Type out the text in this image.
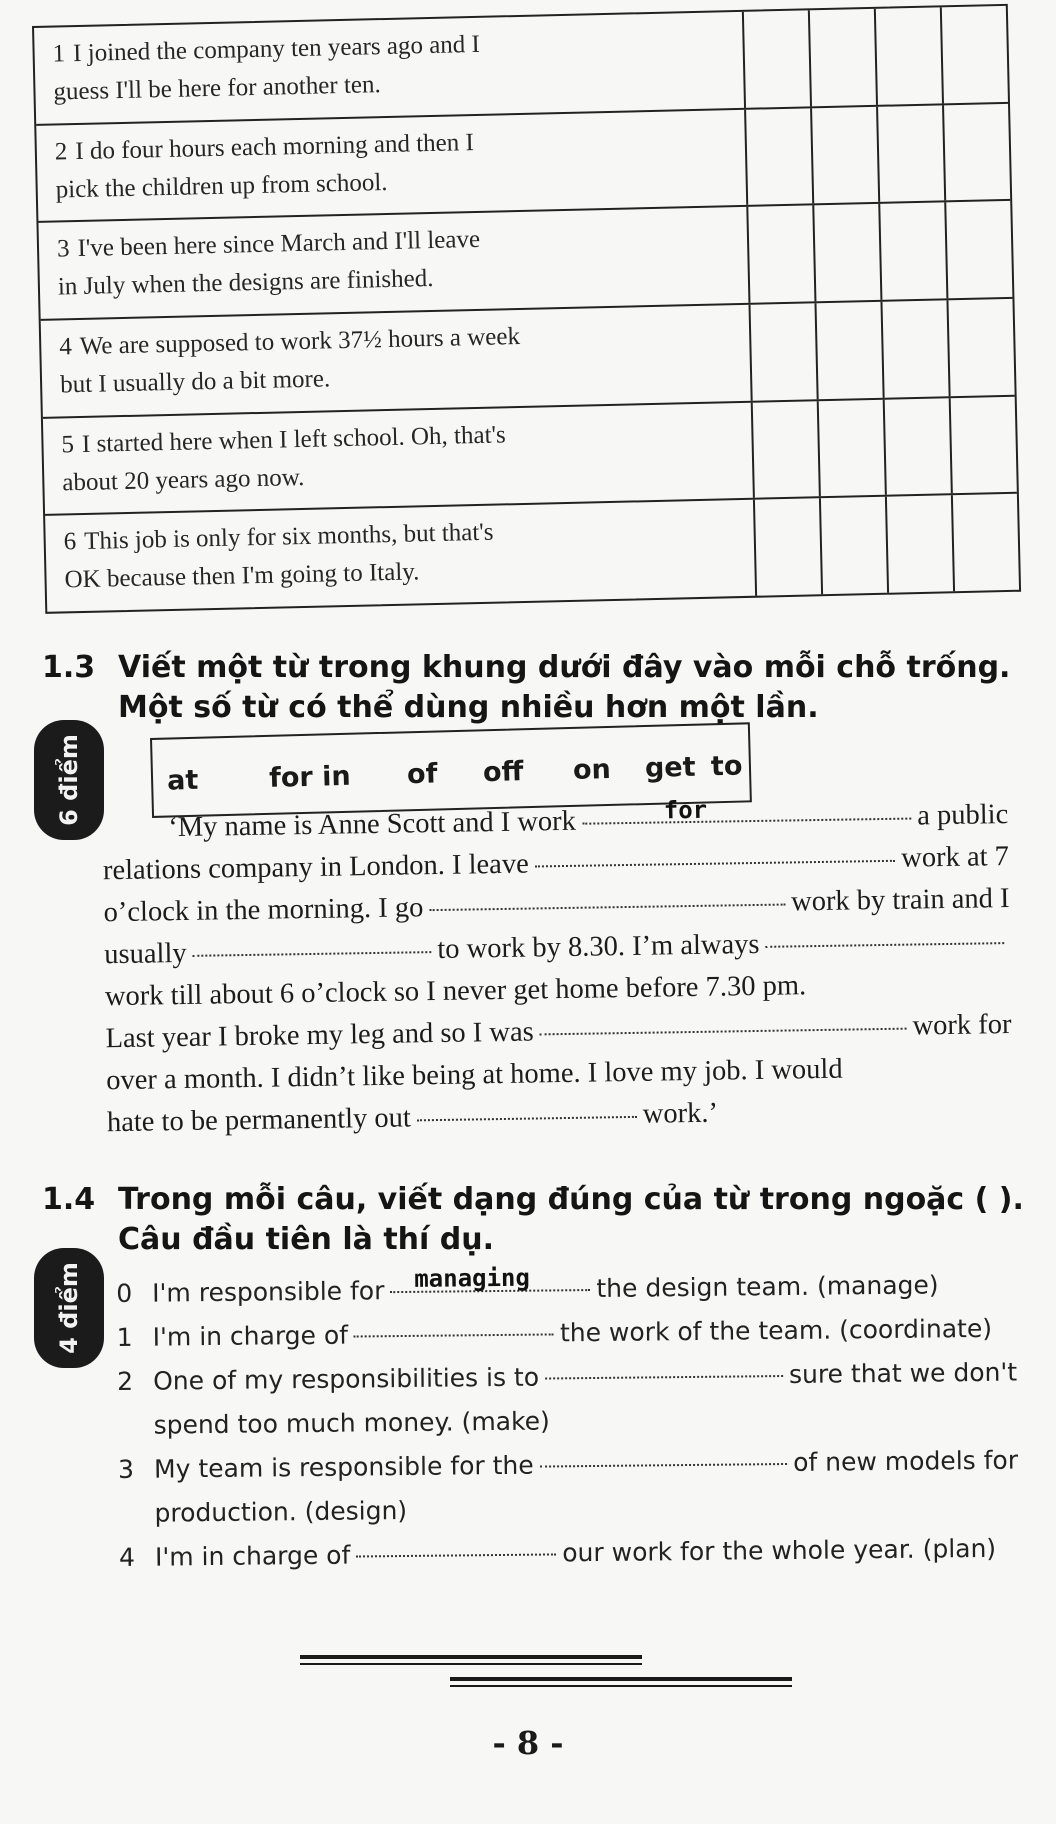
1 I joined the company ten years ago and I
guess I'll be here for another ten.
2 I do four hours each morning and then I
pick the children up from school.
3 I've been here since March and I'll leave
in July when the designs are finished.
4 We are supposed to work 37½ hours a week
but I usually do a bit more.
5 I started here when I left school. Oh, that's
about 20 years ago now.
6 This job is only for six months, but that's
OK because then I'm going to Italy.
1.3 Viết một từ trong khung dưới đây vào mỗi chỗ trống.
Một số từ có thể dùng nhiều hơn một lần.
6 điểm	at	for in of off on get to
‘My name is Anne Scott and I work	for	a public
relations company in London. I leave	work at 7
o’clock in the morning. I go	work by train and I
usually	to work by 8.30. I’m always
work till about 6 o’clock so I never get home before 7.30 pm.
Last year I broke my leg and so I was	work for
over a month. I didn’t like being at home. I love my job. I would
hate to be permanently out	work.’
1.4 Trong mỗi câu, viết dạng đúng của từ trong ngoặc ( ).
Câu đầu tiên là thí dụ.
4 điểm 0 I'm responsible for managing	the design team. (manage)
1 I'm in charge of	the work of the team. (coordinate)
2 One of my responsibilities is to	sure that we don't
spend too much money. (make)
3 My team is responsible for the	of new models for
production. (design)
4 I'm in charge of	our work for the whole year. (plan)
- 8 -
